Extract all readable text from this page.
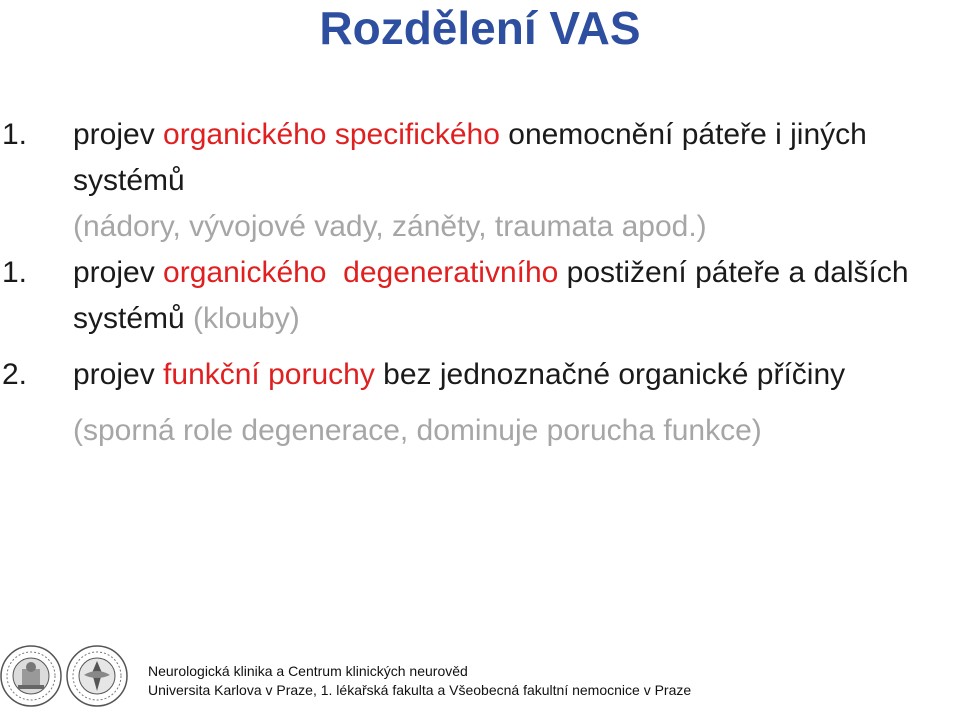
Rozdělení VAS
1. projev organického specifického onemocnění páteře i jiných systémů
(nádory, vývojové vady, záněty, traumata apod.)
1. projev organického  degenerativního postižení páteře a dalších systémů (klouby)
2. projev funkční poruchy bez jednoznačné organické příčiny
(sporná role degenerace, dominuje porucha funkce)
Neurologická klinika a Centrum klinických neurověd
Universita Karlova v Praze, 1. lékařská fakulta a Všeobecná fakultní nemocnice v Praze
